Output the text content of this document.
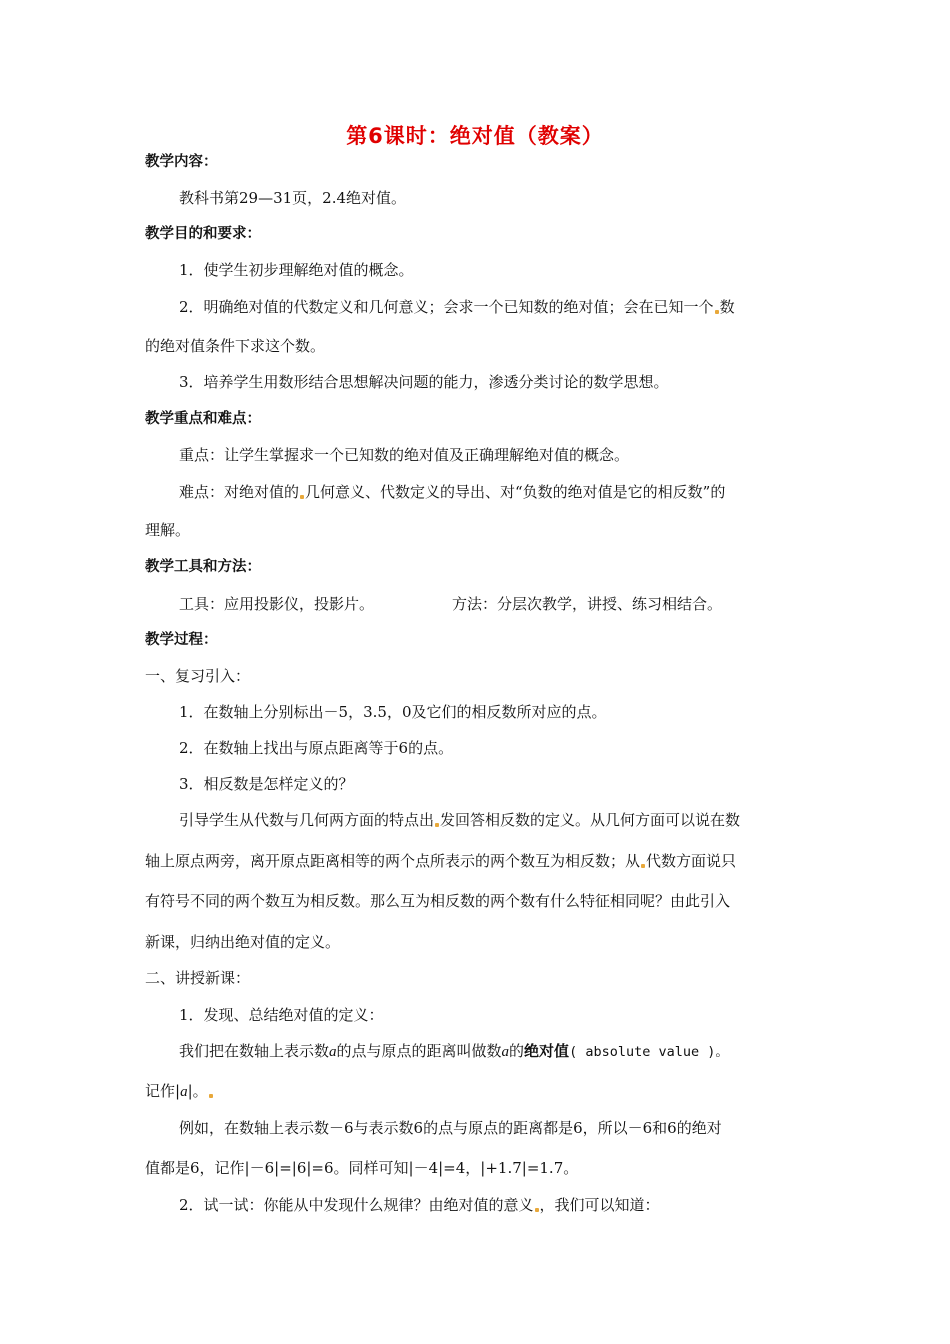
第6课时：绝对值（教案）
教学内容：
教科书第29—31页，2.4绝对值。
教学目的和要求：
1．使学生初步理解绝对值的概念。
2．明确绝对值的代数定义和几何意义；会求一个已知数的绝对值；会在已知一个 数
的绝对值条件下求这个数。
3．培养学生用数形结合思想解决问题的能力，渗透分类讨论的数学思想。
教学重点和难点：
重点：让学生掌握求一个已知数的绝对值及正确理解绝对值的概念。
难点：对绝对值的 几何意义、代数定义的导出、对“负数的绝对值是它的相反数”的
理解。
教学工具和方法：
工具：应用投影仪，投影片。	方法：分层次教学，讲授、练习相结合。
教学过程：
一、复习引入：
1．在数轴上分别标出－5，3.5，0及它们的相反数所对应的点。
2．在数轴上找出与原点距离等于6的点。
3．相反数是怎样定义的？
引导学生从代数与几何两方面的特点出 发回答相反数的定义。从几何方面可以说在数
轴上原点两旁，离开原点距离相等的两个点所表示的两个数互为相反数；从 代数方面说只
有符号不同的两个数互为相反数。那么互为相反数的两个数有什么特征相同呢？由此引入
新课，归纳出绝对值的定义。
二、讲授新课：
1．发现、总结绝对值的定义：
我们把在数轴上表示数a的点与原点的距离叫做数a的绝对值( absolute value )。
记作|a|。
例如，在数轴上表示数－6与表示数6的点与原点的距离都是6，所以－6和6的绝对
值都是6，记作|－6|=|6|=6。同样可知|－4|=4，|+1.7|=1.7。
2．试一试：你能从中发现什么规律？由绝对值的意义 ，我们可以知道：
